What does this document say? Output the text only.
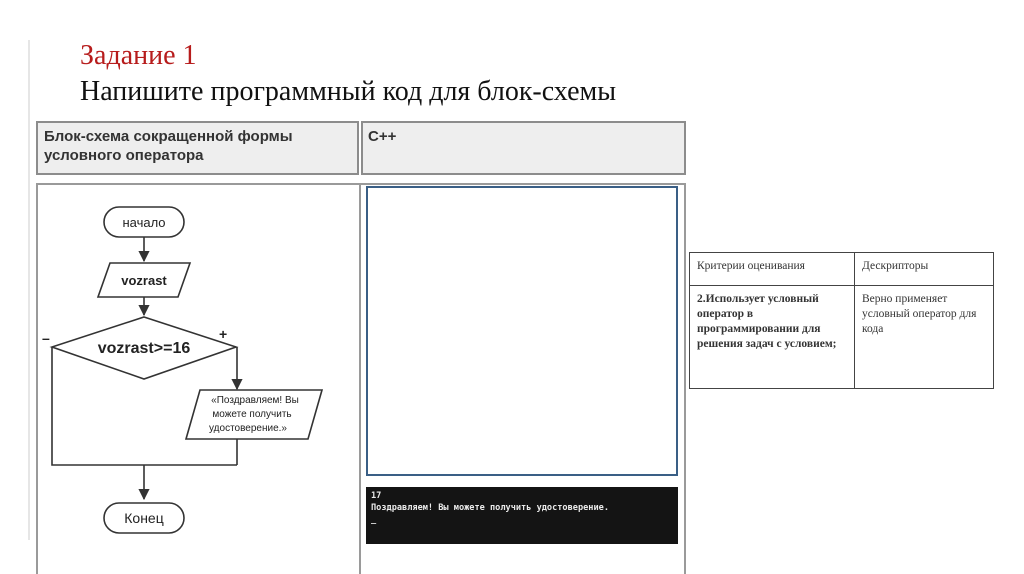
Задание 1
Напишите программный код для блок-схемы
Блок-схема сокращенной формы условного оператора
C++
начало
vozrast
vozrast>=16
–	+
«Поздравляем! Вы
можете получить
удостоверение.»
Конец
17
Поздравляем! Вы можете получить удостоверение.
_
Критерии оценивания	Дескрипторы
2.Использует условный оператор в программировании для решения задач с условием;	Верно применяет условный оператор для кода
